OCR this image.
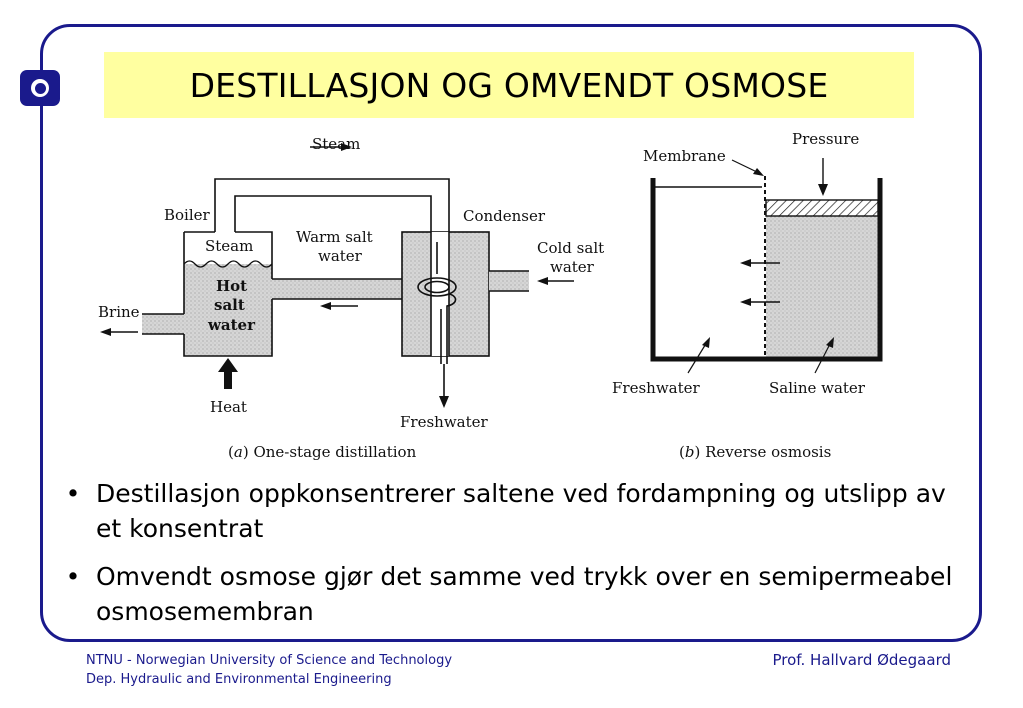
DESTILLASJON OG OMVENDT OSMOSE
Steam
Boiler
Steam	Warm salt
water
Condenser
Cold salt
water
Hot
salt
water
Brine
Heat
Freshwater
(a) One-stage distillation
Membrane
Pressure
Freshwater	Saline water
(b) Reverse osmosis
• Destillasjon oppkonsentrerer saltene ved fordampning og utslipp av et konsentrat
• Omvendt osmose gjør det samme ved trykk over en semipermeabel osmosemembran
NTNU - Norwegian University of Science and Technology
Dep. Hydraulic and Environmental Engineering
Prof. Hallvard Ødegaard
